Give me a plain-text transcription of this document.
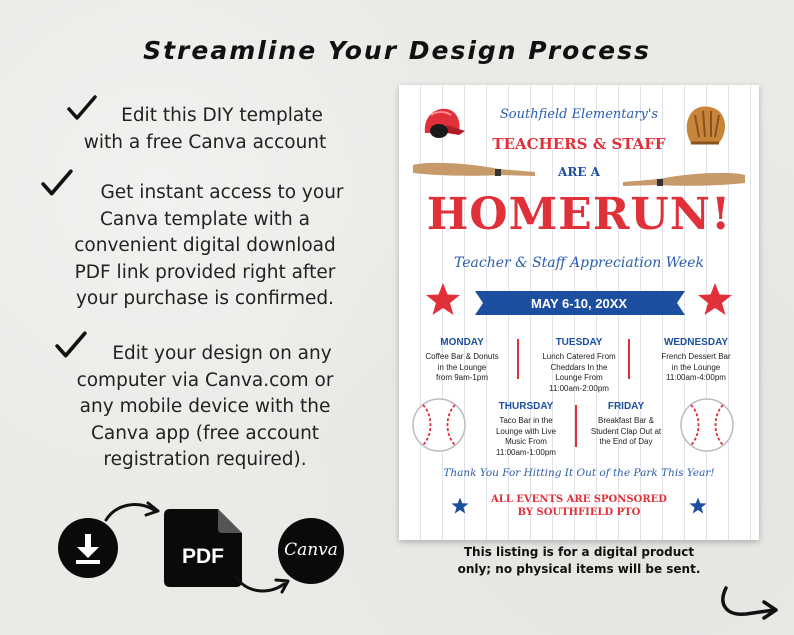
Streamline Your Design Process
Edit this DIY template
with a free Canva account
Get instant access to your
Canva template with a
convenient digital download
PDF link provided right after
your purchase is confirmed.
Edit your design on any
computer via Canva.com or
any mobile device with the
Canva app (free account
registration required).
PDF	Canva
Southfield Elementary's
TEACHERS & STAFF
ARE A
HOMERUN!
Teacher & Staff Appreciation Week
MAY 6-10, 20XX
MONDAY
Coffee Bar & Donuts
in the Lounge
from 9am-1pm
TUESDAY
Lunch Catered From
Cheddars In the
Lounge From
11:00am-2:00pm
WEDNESDAY
French Dessert Bar
in the Lounge
11:00am-4:00pm
THURSDAY
Taco Bar in the
Lounge with Live
Music From
11:00am-1:00pm
FRIDAY
Breakfast Bar &
Student Clap Out at
the End of Day
Thank You For Hitting It Out of the Park This Year!
ALL EVENTS ARE SPONSORED
BY SOUTHFIELD PTO
This listing is for a digital product
only; no physical items will be sent.
